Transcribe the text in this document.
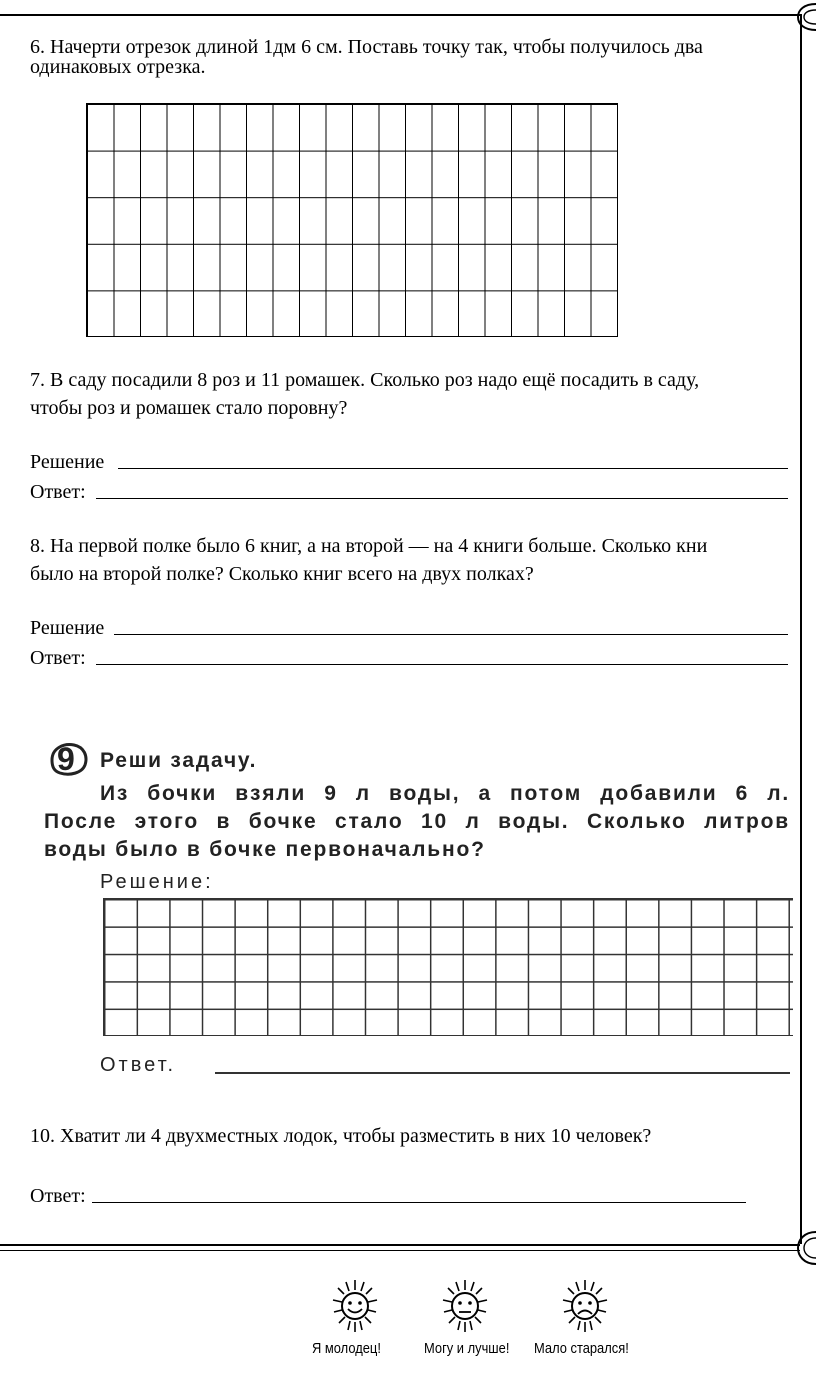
6. Начерти отрезок длиной 1дм 6 см. Поставь точку так, чтобы получилось два
одинаковых отрезка.
7. В саду посадили 8 роз и 11 ромашек. Сколько роз надо ещё посадить в саду,
чтобы роз и ромашек стало поровну?
Решение
Ответ:
8. На первой полке было 6 книг, а на второй — на 4 книги больше. Сколько кни
было на второй полке? Сколько книг всего на двух полках?
Решение
Ответ:
9 Реши задачу.
Из бочки взяли 9 л воды, а потом добавили 6 л.
После этого в бочке стало 10 л воды. Сколько литров
воды было в бочке первоначально?
Решение:
Ответ.
10. Хватит ли 4 двухместных лодок, чтобы разместить в них 10 человек?
Ответ:
Я молодец!	Могу и лучше! Мало старался!
